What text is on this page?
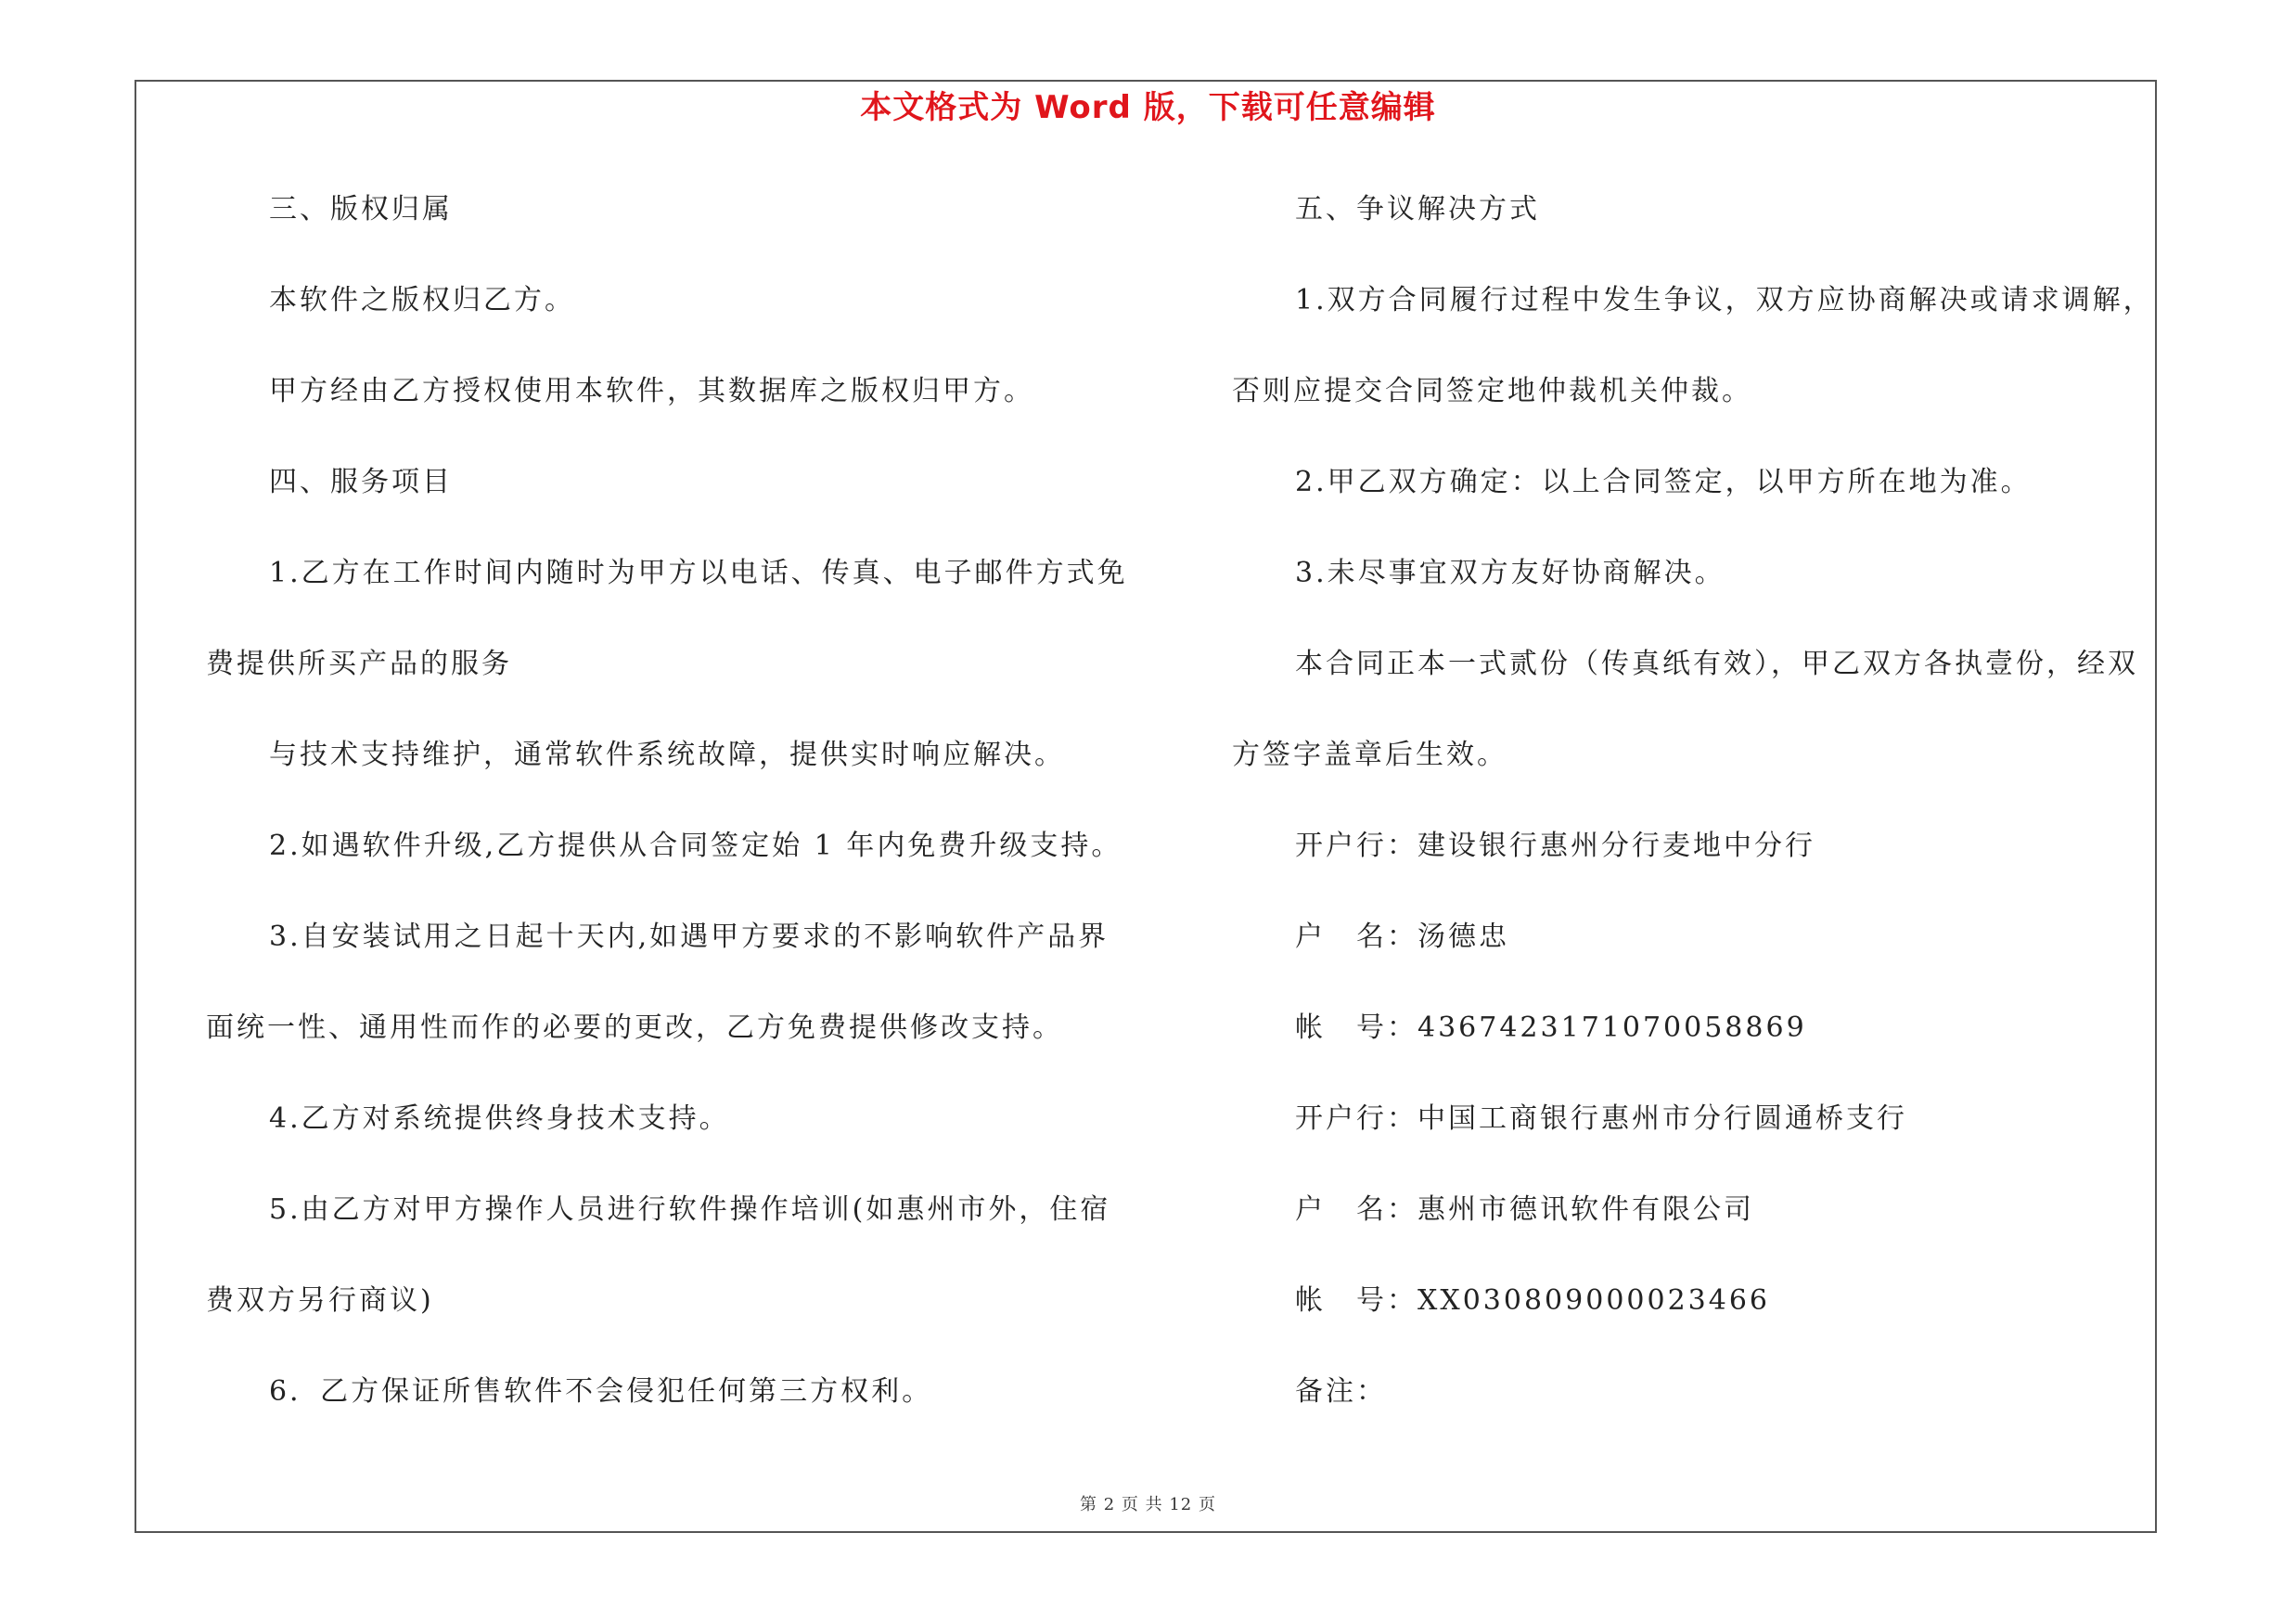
本文格式为 Word 版，下载可任意编辑
三、版权归属
本软件之版权归乙方。
甲方经由乙方授权使用本软件，其数据库之版权归甲方。
四、服务项目
1.乙方在工作时间内随时为甲方以电话、传真、电子邮件方式免
费提供所买产品的服务
与技术支持维护，通常软件系统故障，提供实时响应解决。
2.如遇软件升级,乙方提供从合同签定始 1 年内免费升级支持。
3.自安装试用之日起十天内,如遇甲方要求的不影响软件产品界
面统一性、通用性而作的必要的更改，乙方免费提供修改支持。
4.乙方对系统提供终身技术支持。
5.由乙方对甲方操作人员进行软件操作培训(如惠州市外，住宿
费双方另行商议)
6．乙方保证所售软件不会侵犯任何第三方权利。
五、争议解决方式
1.双方合同履行过程中发生争议，双方应协商解决或请求调解，
否则应提交合同签定地仲裁机关仲裁。
2.甲乙双方确定：以上合同签定，以甲方所在地为准。
3.未尽事宜双方友好协商解决。
本合同正本一式贰份（传真纸有效），甲乙双方各执壹份，经双
方签字盖章后生效。
开户行：建设银行惠州分行麦地中分行
户　名：汤德忠
帐　号：4367423171070058869
开户行：中国工商银行惠州市分行圆通桥支行
户　名：惠州市德讯软件有限公司
帐　号：XX030809000023466
备注：
第 2 页 共 12 页
